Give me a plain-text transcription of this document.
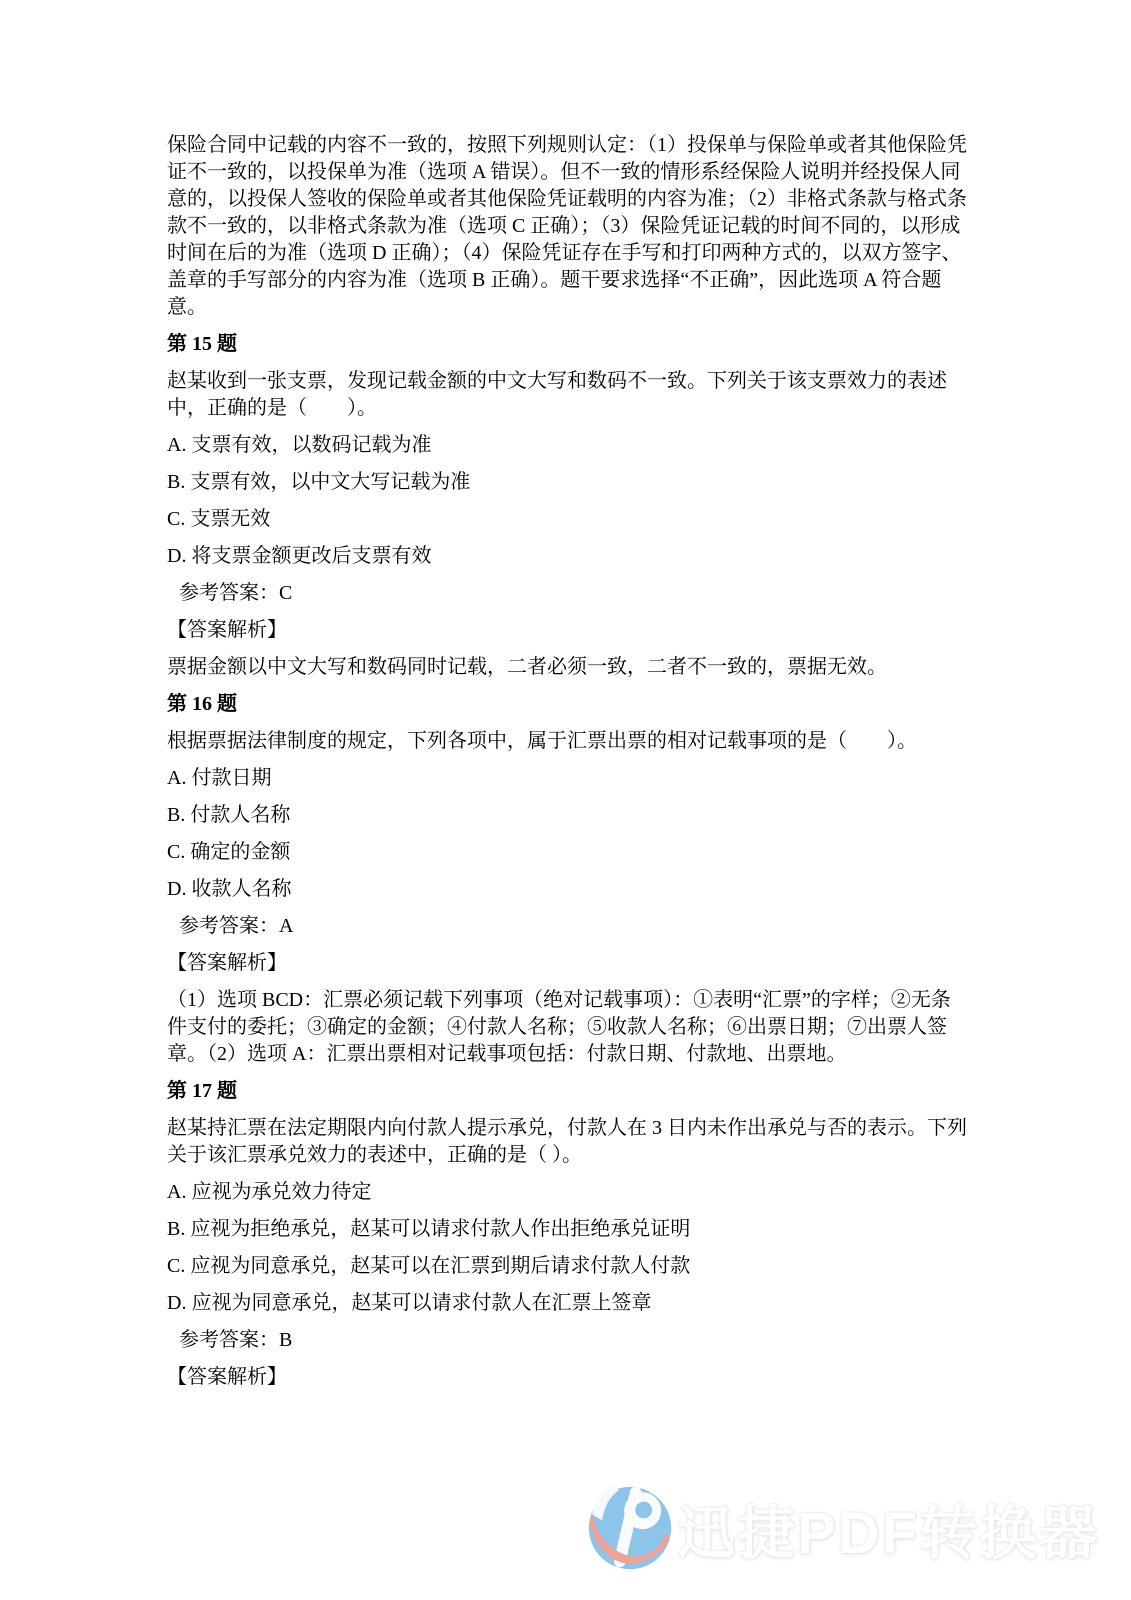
保险合同中记载的内容不一致的，按照下列规则认定：（1）投保单与保险单或者其他保险凭证不一致的，以投保单为准（选项 A 错误）。但不一致的情形系经保险人说明并经投保人同意的，以投保人签收的保险单或者其他保险凭证载明的内容为准；（2）非格式条款与格式条款不一致的，以非格式条款为准（选项 C 正确）；（3）保险凭证记载的时间不同的，以形成时间在后的为准（选项 D 正确）；（4）保险凭证存在手写和打印两种方式的，以双方签字、盖章的手写部分的内容为准（选项 B 正确）。题干要求选择“不正确”，因此选项 A 符合题意。

第 15 题

赵某收到一张支票，发现记载金额的中文大写和数码不一致。下列关于该支票效力的表述中，正确的是（　　）。

A. 支票有效，以数码记载为准

B. 支票有效，以中文大写记载为准

C. 支票无效

D. 将支票金额更改后支票有效

参考答案：C

【答案解析】

票据金额以中文大写和数码同时记载，二者必须一致，二者不一致的，票据无效。

第 16 题

根据票据法律制度的规定，下列各项中，属于汇票出票的相对记载事项的是（　　）。

A. 付款日期

B. 付款人名称

C. 确定的金额

D. 收款人名称

参考答案：A

【答案解析】

（1）选项 BCD：汇票必须记载下列事项（绝对记载事项）：①表明“汇票”的字样；②无条件支付的委托；③确定的金额；④付款人名称；⑤收款人名称；⑥出票日期；⑦出票人签章。（2）选项 A：汇票出票相对记载事项包括：付款日期、付款地、出票地。

第 17 题

赵某持汇票在法定期限内向付款人提示承兑，付款人在 3 日内未作出承兑与否的表示。下列关于该汇票承兑效力的表述中，正确的是（ ）。

A. 应视为承兑效力待定

B. 应视为拒绝承兑，赵某可以请求付款人作出拒绝承兑证明

C. 应视为同意承兑，赵某可以在汇票到期后请求付款人付款

D. 应视为同意承兑，赵某可以请求付款人在汇票上签章

参考答案：B

【答案解析】

迅捷PDF转换器
